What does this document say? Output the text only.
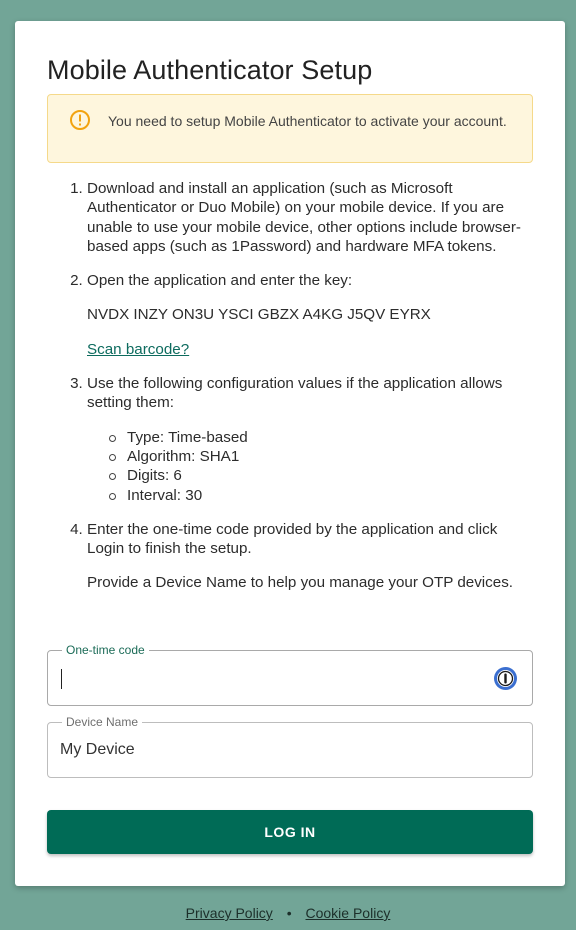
Mobile Authenticator Setup
You need to setup Mobile Authenticator to activate your account.
1. Download and install an application (such as Microsoft Authenticator or Duo Mobile) on your mobile device. If you are unable to use your mobile device, other options include browser-based apps (such as 1Password) and hardware MFA tokens.
2. Open the application and enter the key:

NVDX INZY ON3U YSCI GBZX A4KG J5QV EYRX

Scan barcode?

3. Use the following configuration values if the application allows setting them:
Type: Time-based
Algorithm: SHA1
Digits: 6
Interval: 30
4. Enter the one-time code provided by the application and click Login to finish the setup.

Provide a Device Name to help you manage your OTP devices.

One-time code
Device Name
My Device
LOG IN
Privacy Policy • Cookie Policy
